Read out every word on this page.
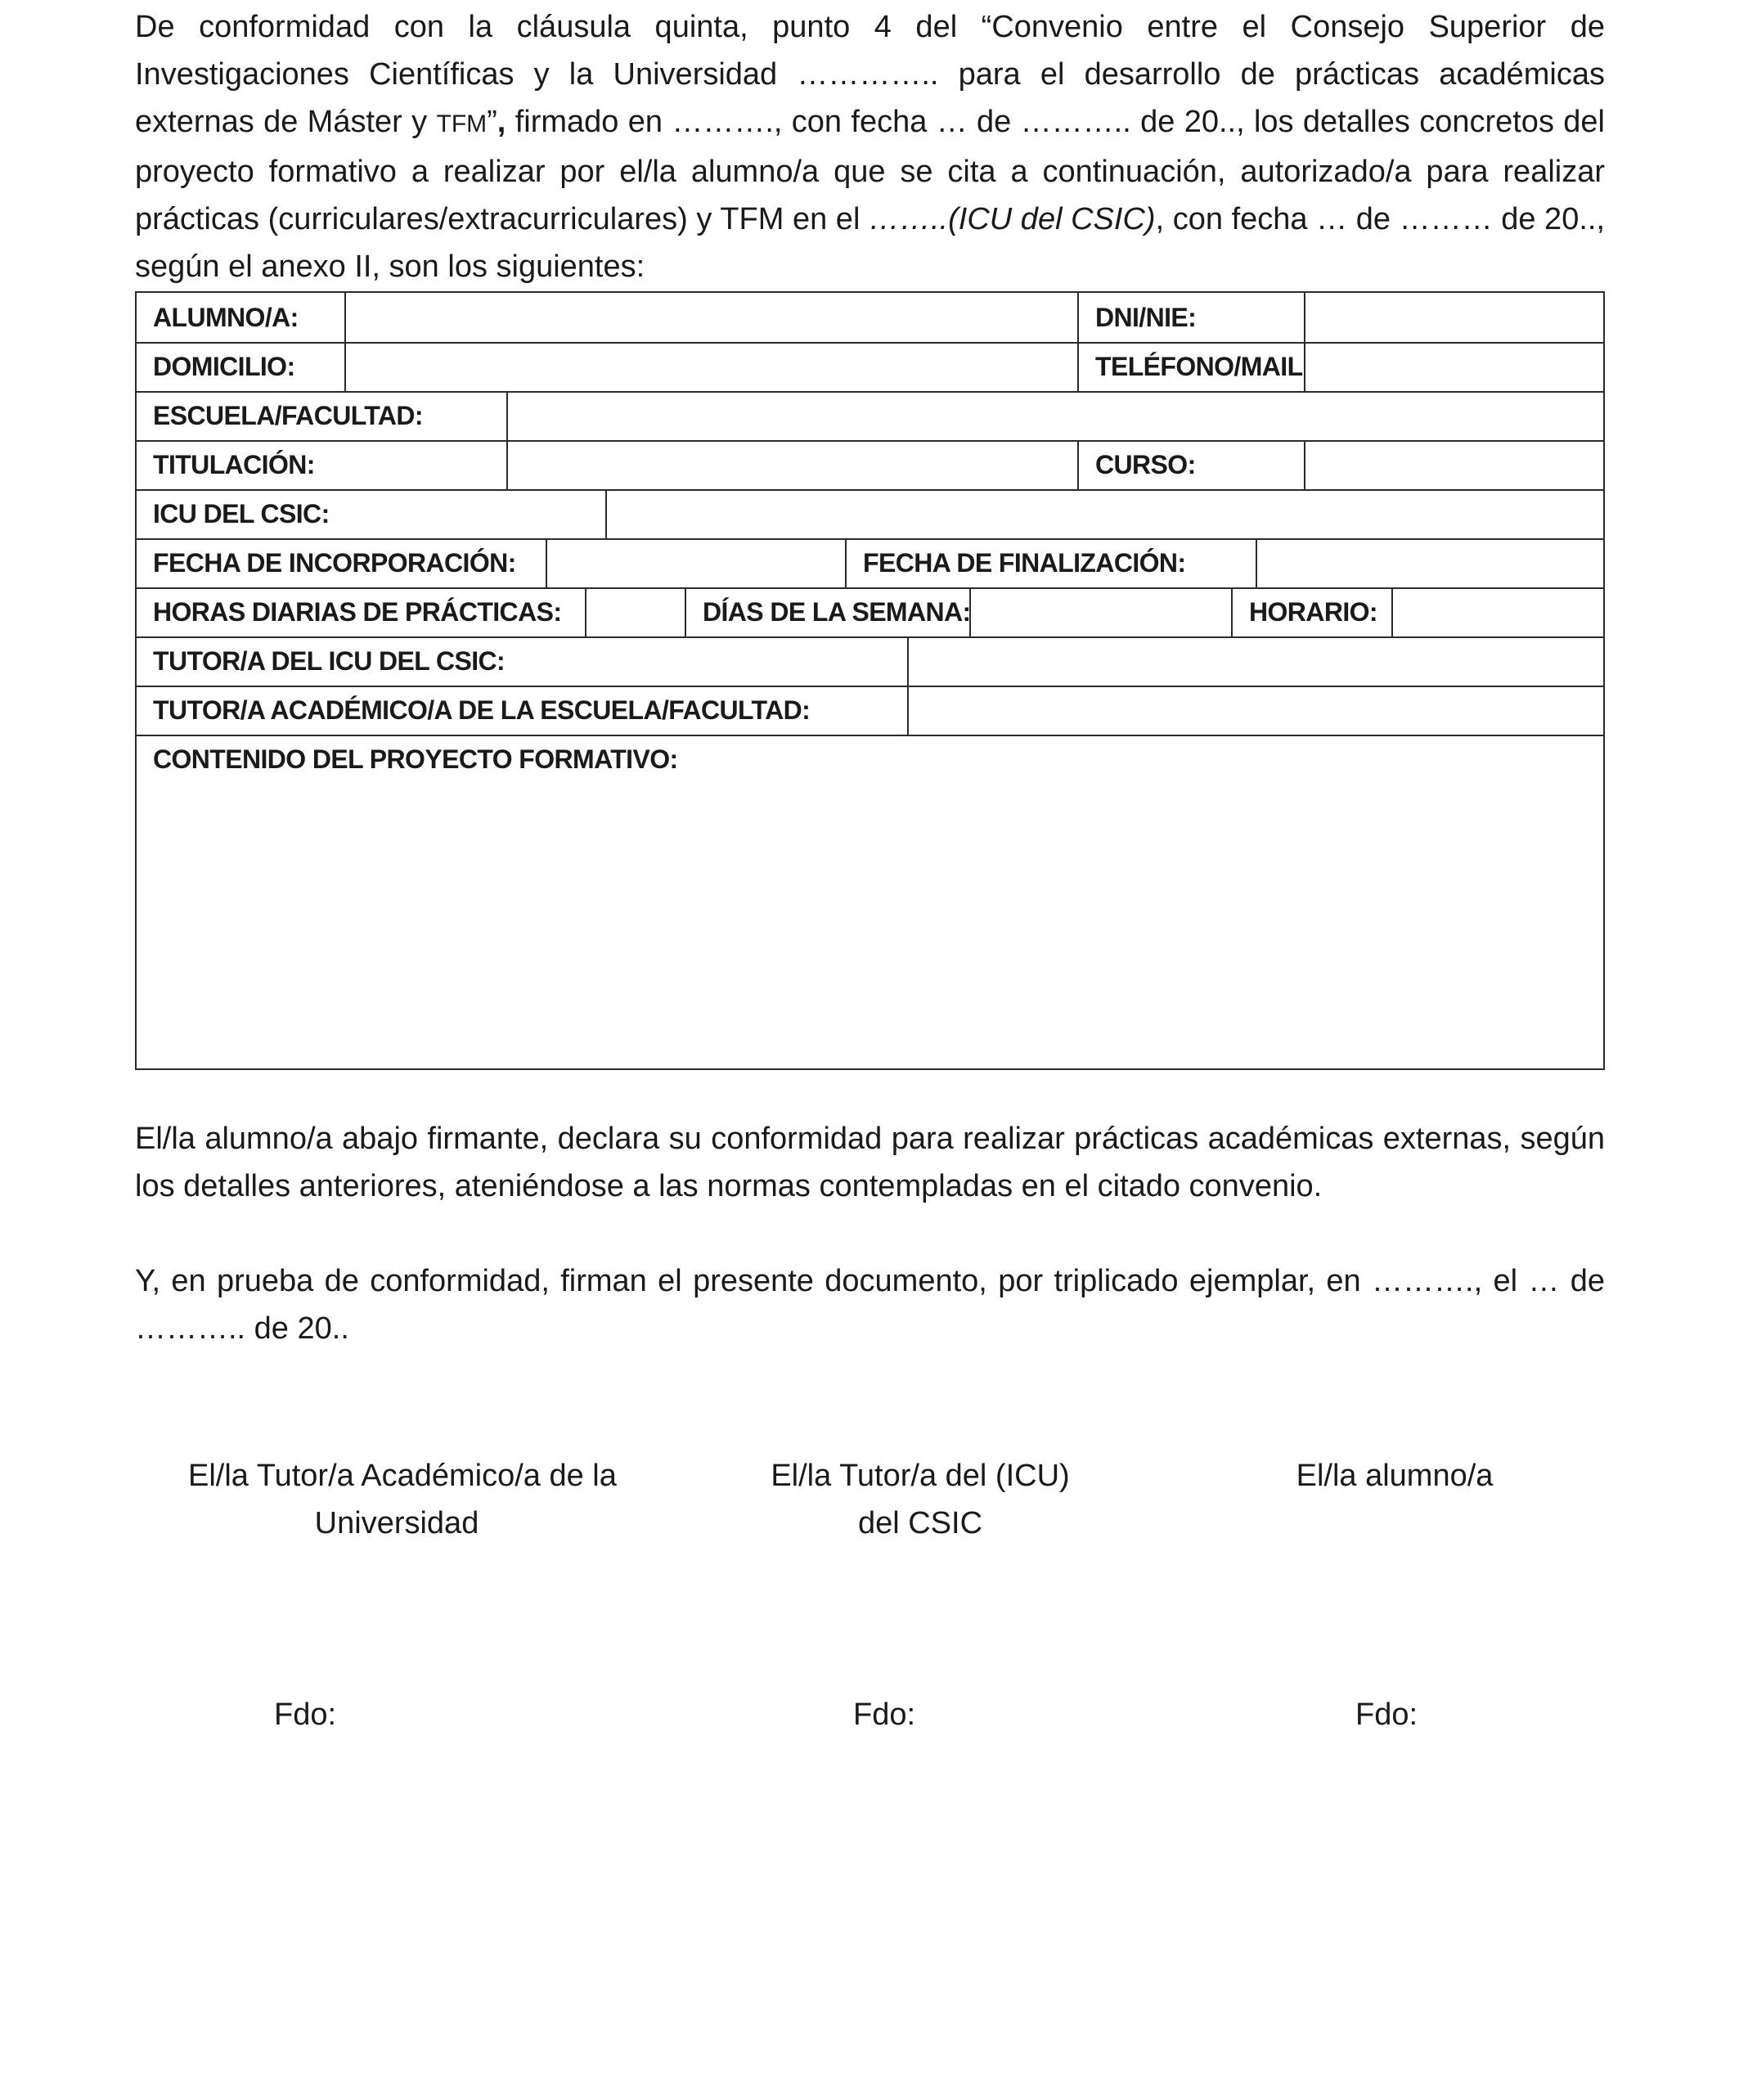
De conformidad con la cláusula quinta, punto 4 del “Convenio entre el Consejo Superior de Investigaciones Científicas y la Universidad ………….. para el desarrollo de prácticas académicas externas de Máster y TFM”, firmado en ………., con fecha … de ……….. de 20.., los detalles concretos del proyecto formativo a realizar por el/la alumno/a que se cita a continuación, autorizado/a para realizar prácticas (curriculares/extracurriculares) y TFM en el ……..(ICU del CSIC), con fecha … de ……… de 20.., según el anexo II, son los siguientes:

ALUMNO/A:	DNI/NIE:
DOMICILIO:	TELÉFONO/MAIL
ESCUELA/FACULTAD:
TITULACIÓN:	CURSO:
ICU DEL CSIC:
FECHA DE INCORPORACIÓN:	FECHA DE FINALIZACIÓN:
HORAS DIARIAS DE PRÁCTICAS:	DÍAS DE LA SEMANA:	HORARIO:
TUTOR/A DEL ICU DEL CSIC:
TUTOR/A ACADÉMICO/A DE LA ESCUELA/FACULTAD:
CONTENIDO DEL PROYECTO FORMATIVO:

El/la alumno/a abajo firmante, declara su conformidad para realizar prácticas académicas externas, según los detalles anteriores, ateniéndose a las normas contempladas en el citado convenio.

Y, en prueba de conformidad, firman el presente documento, por triplicado ejemplar, en ………., el … de ……….. de 20..

El/la Tutor/a Académico/a de la
Universidad
El/la Tutor/a del (ICU)
del CSIC
El/la alumno/a
Fdo:	Fdo:	Fdo:
